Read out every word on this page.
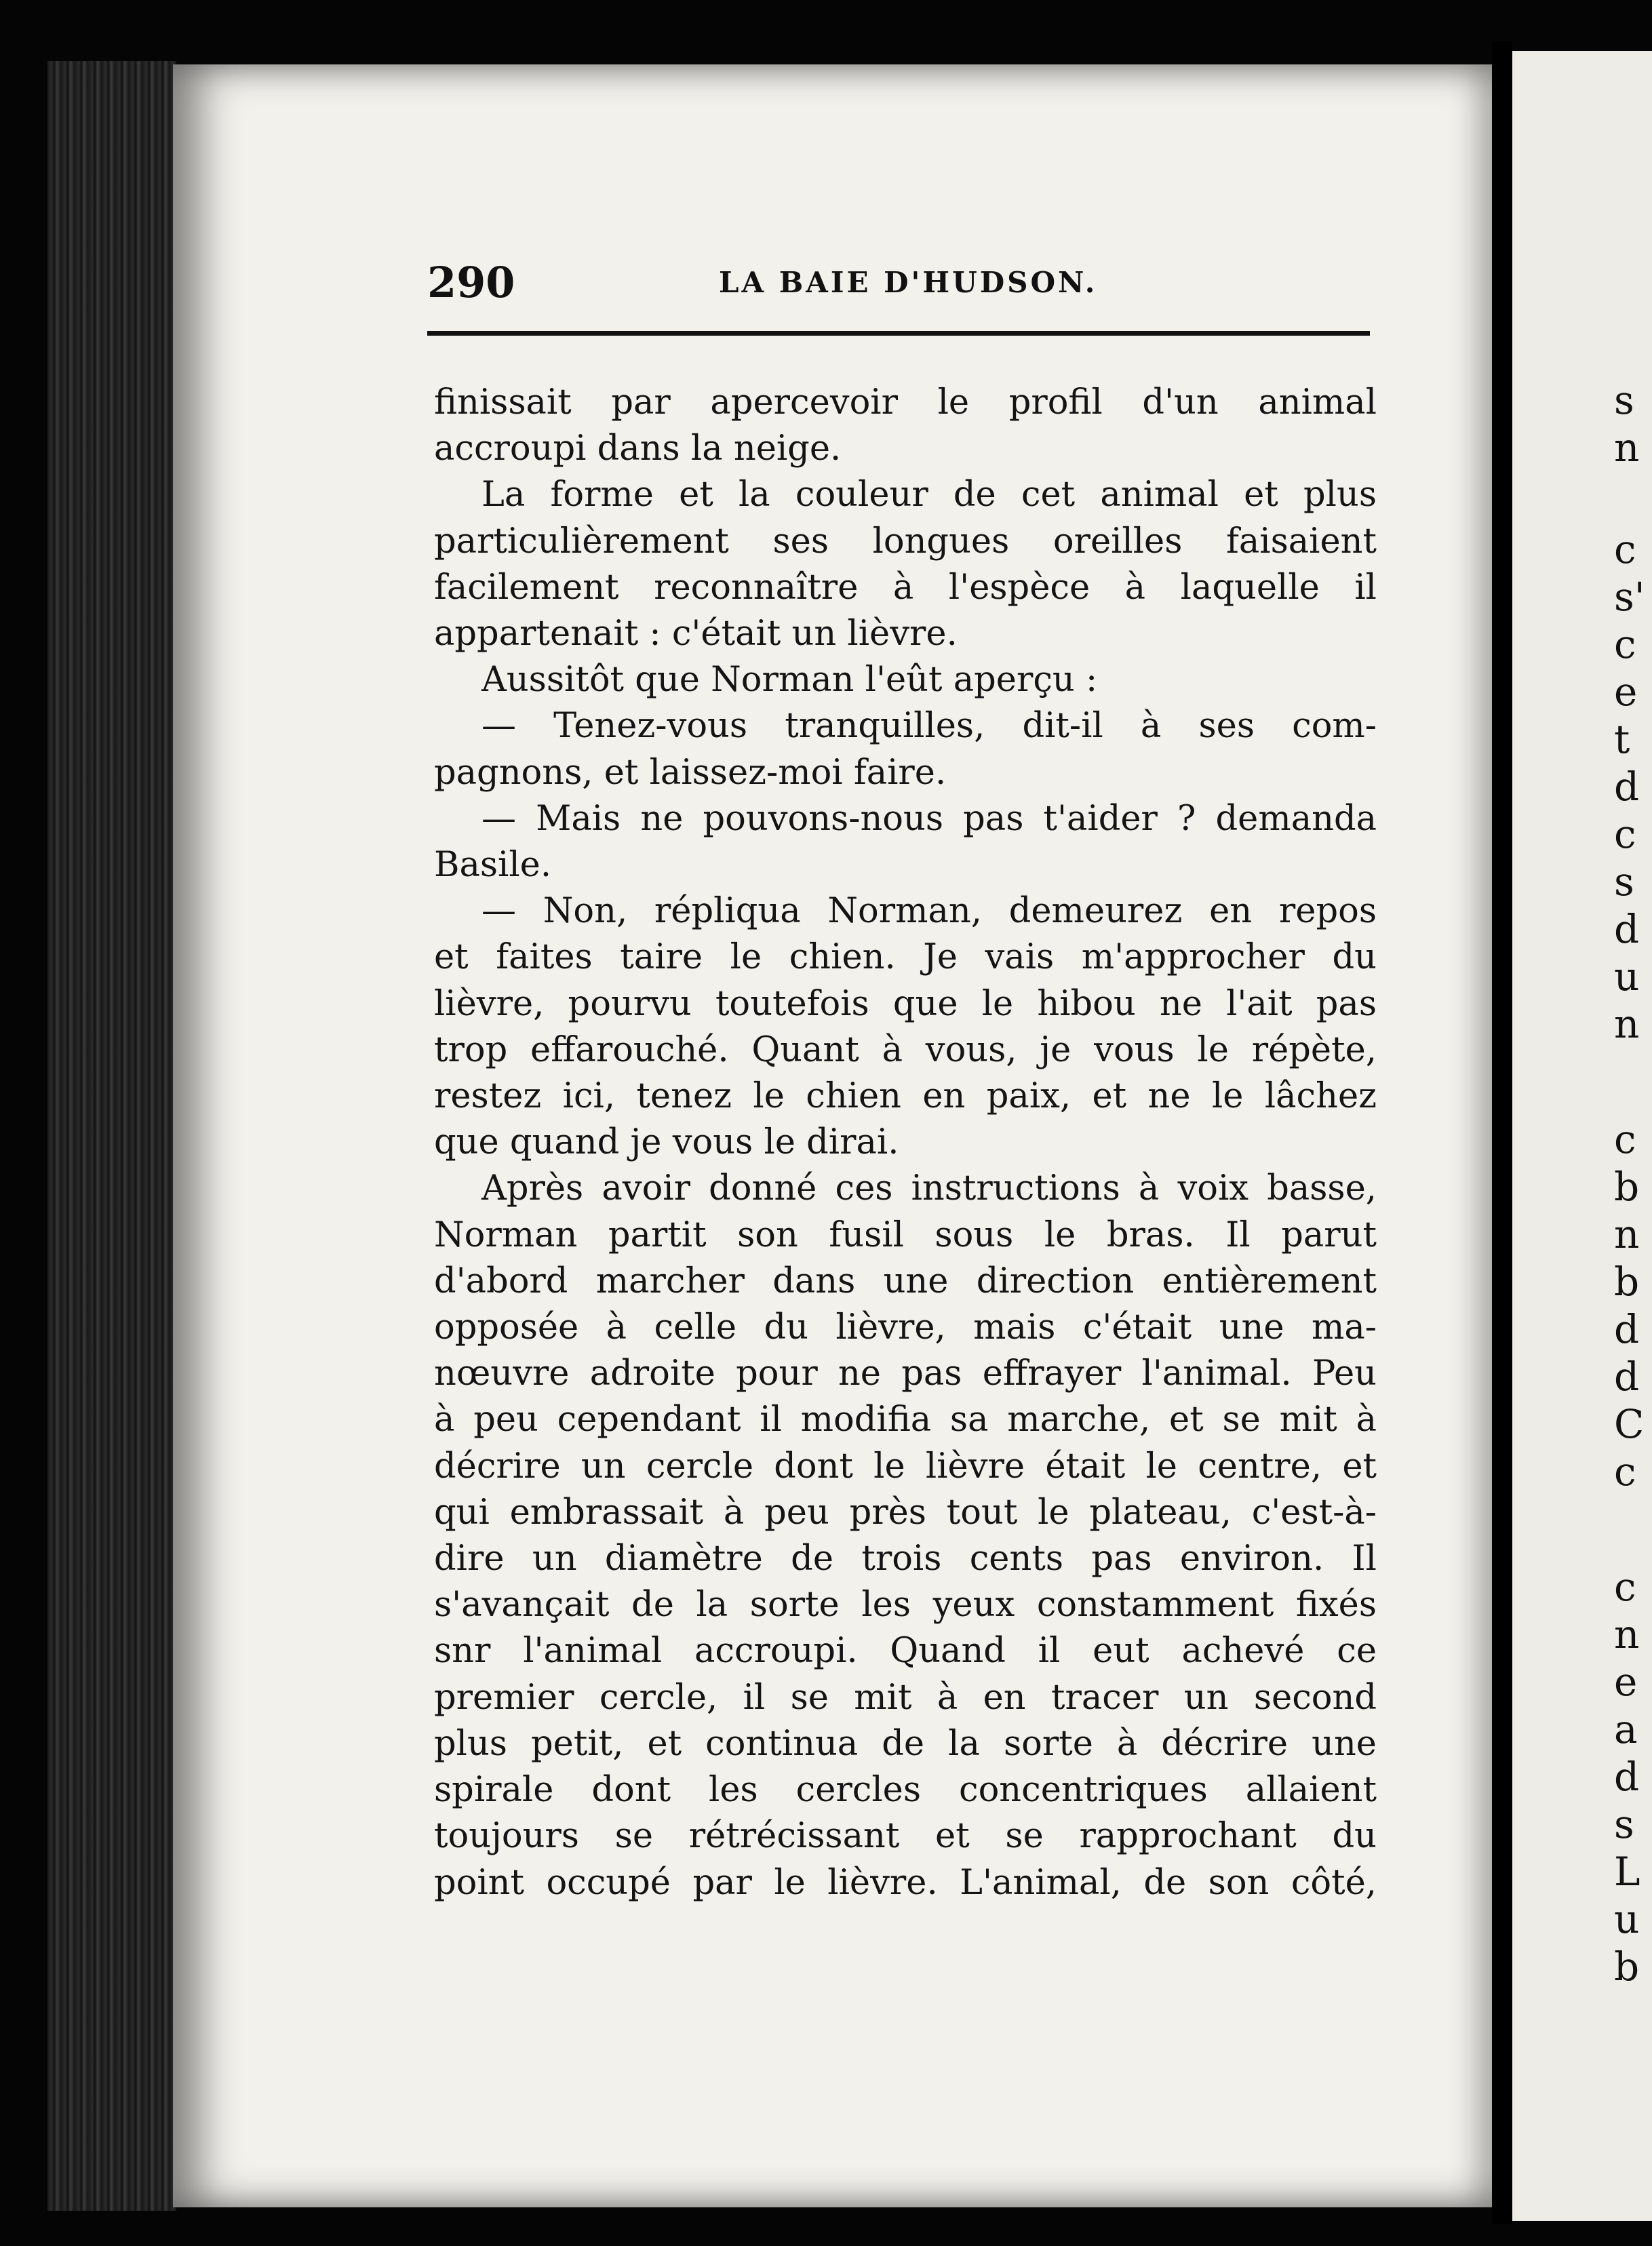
290	LA BAIE D'HUDSON.
finissait par apercevoir le profil d'un animal
accroupi dans la neige.
La forme et la couleur de cet animal et plus
particulièrement ses longues oreilles faisaient
facilement reconnaître à l'espèce à laquelle il
appartenait : c'était un lièvre.
Aussitôt que Norman l'eût aperçu :
— Tenez-vous tranquilles, dit-il à ses com-
pagnons, et laissez-moi faire.
— Mais ne pouvons-nous pas t'aider ? demanda
Basile.
— Non, répliqua Norman, demeurez en repos
et faites taire le chien. Je vais m'approcher du
lièvre, pourvu toutefois que le hibou ne l'ait pas
trop effarouché. Quant à vous, je vous le répète,
restez ici, tenez le chien en paix, et ne le lâchez
que quand je vous le dirai.
Après avoir donné ces instructions à voix basse,
Norman partit son fusil sous le bras. Il parut
d'abord marcher dans une direction entièrement
opposée à celle du lièvre, mais c'était une ma-
nœuvre adroite pour ne pas effrayer l'animal. Peu
à peu cependant il modifia sa marche, et se mit à
décrire un cercle dont le lièvre était le centre, et
qui embrassait à peu près tout le plateau, c'est-à-
dire un diamètre de trois cents pas environ. Il
s'avançait de la sorte les yeux constamment fixés
snr l'animal accroupi. Quand il eut achevé ce
premier cercle, il se mit à en tracer un second
plus petit, et continua de la sorte à décrire une
spirale dont les cercles concentriques allaient
toujours se rétrécissant et se rapprochant du
point occupé par le lièvre. L'animal, de son côté,
s
n
c
s'
c
e
t
d
c
s
d
u
n
c
b
n
b
d
d
C
c
c
n
e
a
d
s
L
u
b
